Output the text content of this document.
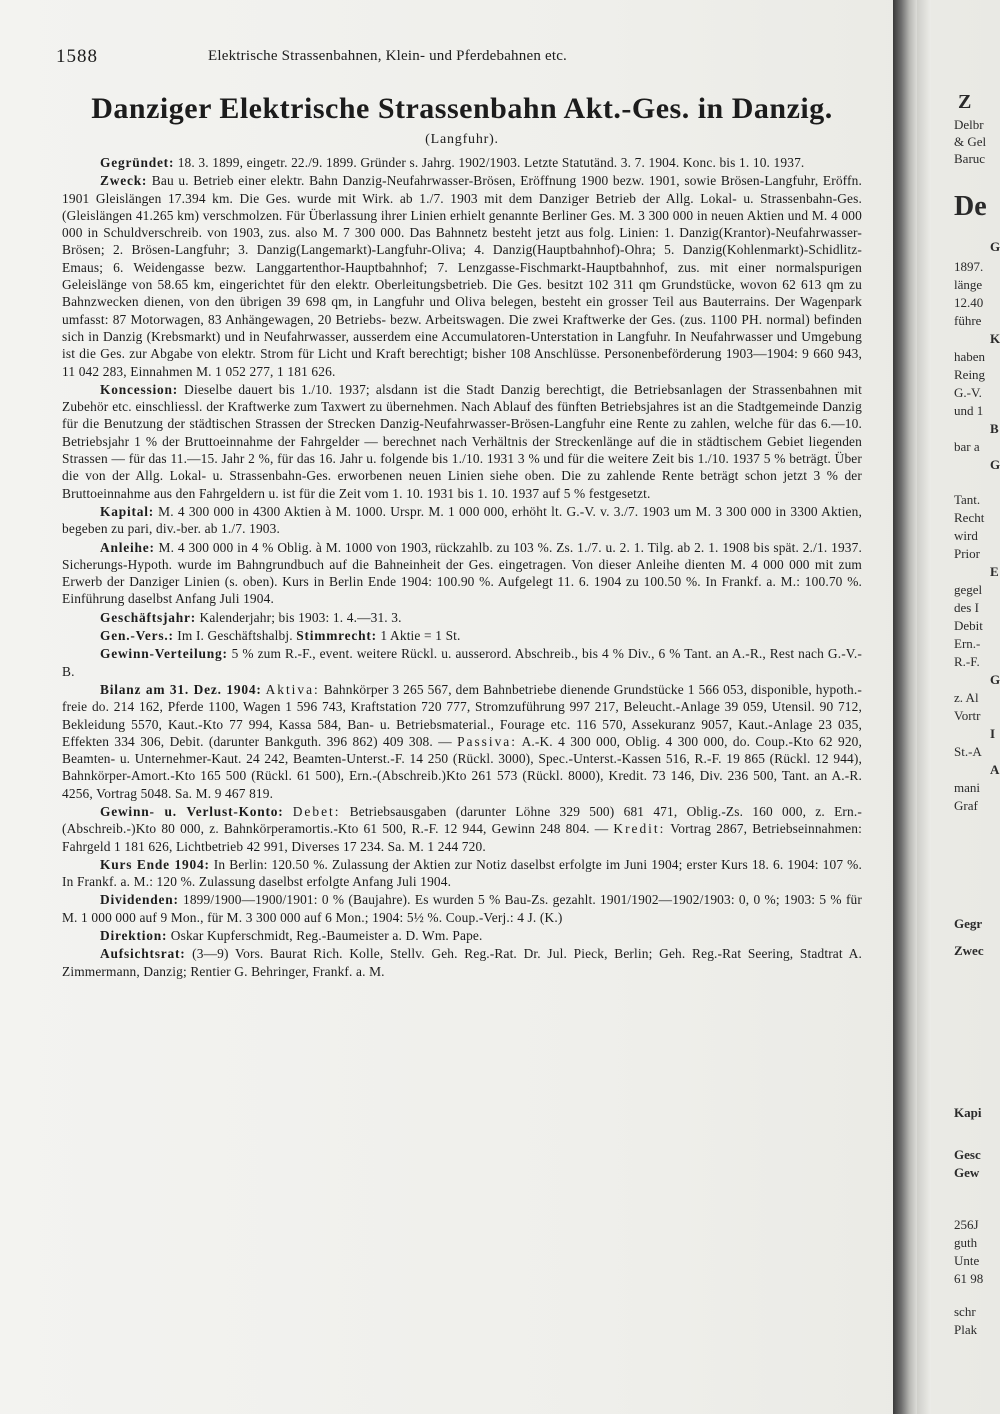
1588	Elektrische Strassenbahnen, Klein- und Pferdebahnen etc.
Danziger Elektrische Strassenbahn Akt.-Ges. in Danzig.
(Langfuhr).

Gegründet: 18. 3. 1899, eingetr. 22./9. 1899. Gründer s. Jahrg. 1902/1903. Letzte Statutänd. 3. 7. 1904. Konc. bis 1. 10. 1937.

Zweck: Bau u. Betrieb einer elektr. Bahn Danzig-Neufahrwasser-Brösen, Eröffnung 1900 bezw. 1901, sowie Brösen-Langfuhr, Eröffn. 1901 Gleislängen 17.394 km. Die Ges. wurde mit Wirk. ab 1./7. 1903 mit dem Danziger Betrieb der Allg. Lokal- u. Strassenbahn-Ges. (Gleislängen 41.265 km) verschmolzen. Für Überlassung ihrer Linien erhielt genannte Berliner Ges. M. 3 300 000 in neuen Aktien und M. 4 000 000 in Schuldverschreib. von 1903, zus. also M. 7 300 000. Das Bahnnetz besteht jetzt aus folg. Linien: 1. Danzig(Krantor)-Neufahrwasser-Brösen; 2. Brösen-Langfuhr; 3. Danzig(Langemarkt)-Langfuhr-Oliva; 4. Danzig(Hauptbahnhof)-Ohra; 5. Danzig(Kohlenmarkt)-Schidlitz-Emaus; 6. Weidengasse bezw. Langgartenthor-Hauptbahnhof; 7. Lenzgasse-Fischmarkt-Hauptbahnhof, zus. mit einer normalspurigen Geleislänge von 58.65 km, eingerichtet für den elektr. Oberleitungsbetrieb. Die Ges. besitzt 102 311 qm Grundstücke, wovon 62 613 qm zu Bahnzwecken dienen, von den übrigen 39 698 qm, in Langfuhr und Oliva belegen, besteht ein grosser Teil aus Bauterrains. Der Wagenpark umfasst: 87 Motorwagen, 83 Anhängewagen, 20 Betriebs- bezw. Arbeitswagen. Die zwei Kraftwerke der Ges. (zus. 1100 PH. normal) befinden sich in Danzig (Krebsmarkt) und in Neufahrwasser, ausserdem eine Accumulatoren-Unterstation in Langfuhr. In Neufahrwasser und Umgebung ist die Ges. zur Abgabe von elektr. Strom für Licht und Kraft berechtigt; bisher 108 Anschlüsse. Personenbeförderung 1903—1904: 9 660 943, 11 042 283, Einnahmen M. 1 052 277, 1 181 626.

Koncession: Dieselbe dauert bis 1./10. 1937; alsdann ist die Stadt Danzig berechtigt, die Betriebsanlagen der Strassenbahnen mit Zubehör etc. einschliessl. der Kraftwerke zum Taxwert zu übernehmen. Nach Ablauf des fünften Betriebsjahres ist an die Stadtgemeinde Danzig für die Benutzung der städtischen Strassen der Strecken Danzig-Neufahrwasser-Brösen-Langfuhr eine Rente zu zahlen, welche für das 6.—10. Betriebsjahr 1 % der Bruttoeinnahme der Fahrgelder — berechnet nach Verhältnis der Streckenlänge auf die in städtischem Gebiet liegenden Strassen — für das 11.—15. Jahr 2 %, für das 16. Jahr u. folgende bis 1./10. 1931 3 % und für die weitere Zeit bis 1./10. 1937 5 % beträgt. Über die von der Allg. Lokal- u. Strassenbahn-Ges. erworbenen neuen Linien siehe oben. Die zu zahlende Rente beträgt schon jetzt 3 % der Bruttoeinnahme aus den Fahrgeldern u. ist für die Zeit vom 1. 10. 1931 bis 1. 10. 1937 auf 5 % festgesetzt.

Kapital: M. 4 300 000 in 4300 Aktien à M. 1000. Urspr. M. 1 000 000, erhöht lt. G.-V. v. 3./7. 1903 um M. 3 300 000 in 3300 Aktien, begeben zu pari, div.-ber. ab 1./7. 1903.

Anleihe: M. 4 300 000 in 4 % Oblig. à M. 1000 von 1903, rückzahlb. zu 103 %. Zs. 1./7. u. 2. 1. Tilg. ab 2. 1. 1908 bis spät. 2./1. 1937. Sicherungs-Hypoth. wurde im Bahngrundbuch auf die Bahneinheit der Ges. eingetragen. Von dieser Anleihe dienten M. 4 000 000 mit zum Erwerb der Danziger Linien (s. oben). Kurs in Berlin Ende 1904: 100.90 %. Aufgelegt 11. 6. 1904 zu 100.50 %. In Frankf. a. M.: 100.70 %. Einführung daselbst Anfang Juli 1904.

Geschäftsjahr: Kalenderjahr; bis 1903: 1. 4.—31. 3.

Gen.-Vers.: Im I. Geschäftshalbj. Stimmrecht: 1 Aktie = 1 St.

Gewinn-Verteilung: 5 % zum R.-F., event. weitere Rückl. u. ausserord. Abschreib., bis 4 % Div., 6 % Tant. an A.-R., Rest nach G.-V.-B.

Bilanz am 31. Dez. 1904: Aktiva: Bahnkörper 3 265 567, dem Bahnbetriebe dienende Grundstücke 1 566 053, disponible, hypoth.-freie do. 214 162, Pferde 1100, Wagen 1 596 743, Kraftstation 720 777, Stromzuführung 997 217, Beleucht.-Anlage 39 059, Utensil. 90 712, Bekleidung 5570, Kaut.-Kto 77 994, Kassa 584, Ban- u. Betriebsmaterial., Fourage etc. 116 570, Assekuranz 9057, Kaut.-Anlage 23 035, Effekten 334 306, Debit. (darunter Bankguth. 396 862) 409 308. — Passiva: A.-K. 4 300 000, Oblig. 4 300 000, do. Coup.-Kto 62 920, Beamten- u. Unternehmer-Kaut. 24 242, Beamten-Unterst.-F. 14 250 (Rückl. 3000), Spec.-Unterst.-Kassen 516, R.-F. 19 865 (Rückl. 12 944), Bahnkörper-Amort.-Kto 165 500 (Rückl. 61 500), Ern.-(Abschreib.)Kto 261 573 (Rückl. 8000), Kredit. 73 146, Div. 236 500, Tant. an A.-R. 4256, Vortrag 5048. Sa. M. 9 467 819.

Gewinn- u. Verlust-Konto: Debet: Betriebsausgaben (darunter Löhne 329 500) 681 471, Oblig.-Zs. 160 000, z. Ern.-(Abschreib.-)Kto 80 000, z. Bahnkörperamortis.-Kto 61 500, R.-F. 12 944, Gewinn 248 804. — Kredit: Vortrag 2867, Betriebseinnahmen: Fahrgeld 1 181 626, Lichtbetrieb 42 991, Diverses 17 234. Sa. M. 1 244 720.

Kurs Ende 1904: In Berlin: 120.50 %. Zulassung der Aktien zur Notiz daselbst erfolgte im Juni 1904; erster Kurs 18. 6. 1904: 107 %. In Frankf. a. M.: 120 %. Zulassung daselbst erfolgte Anfang Juli 1904.

Dividenden: 1899/1900—1900/1901: 0 % (Baujahre). Es wurden 5 % Bau-Zs. gezahlt. 1901/1902—1902/1903: 0, 0 %; 1903: 5 % für M. 1 000 000 auf 9 Mon., für M. 3 300 000 auf 6 Mon.; 1904: 5½ %. Coup.-Verj.: 4 J. (K.)

Direktion: Oskar Kupferschmidt, Reg.-Baumeister a. D. Wm. Pape.

Aufsichtsrat: (3—9) Vors. Baurat Rich. Kolle, Stellv. Geh. Reg.-Rat. Dr. Jul. Pieck, Berlin; Geh. Reg.-Rat Seering, Stadtrat A. Zimmermann, Danzig; Rentier G. Behringer, Frankf. a. M.

Z
Delbr
& Gel
Baruc
De
G
1897.
länge
12.40
führe
K
haben
Reing
G.-V.
und 1
B
bar a
G
Tant.
Recht
wird
Prior
E
gegel
des I
Debit
Ern.-
R.-F.
G
z. Al
Vortr
I
St.-A
A
mani
Graf
Gegr
Zwec
Kapi
Gesc
Gew
256J
guth
Unte
61 98
schr
Plak
